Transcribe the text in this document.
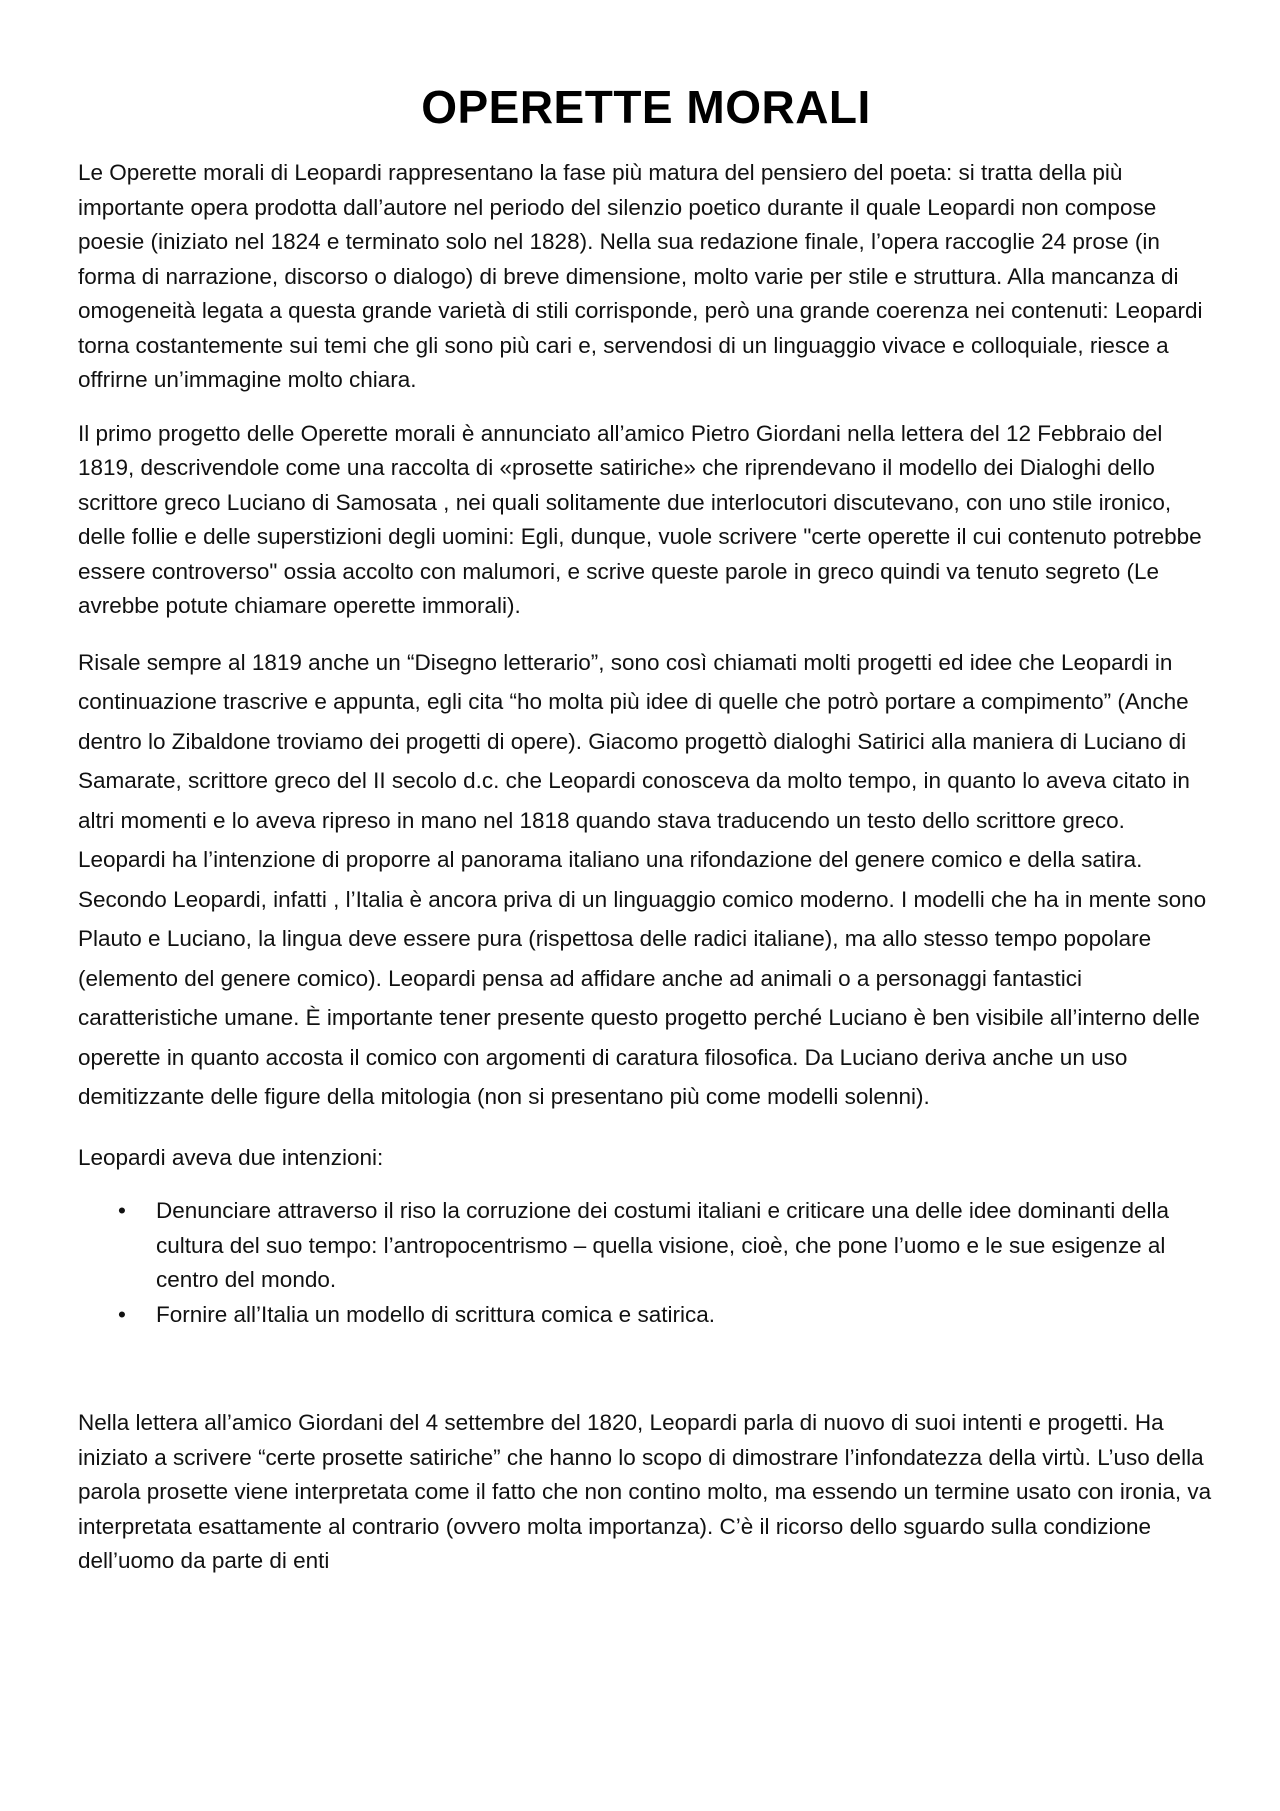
OPERETTE MORALI

Le Operette morali di Leopardi rappresentano la fase più matura del pensiero del poeta: si tratta della più importante opera prodotta dall’autore nel periodo del silenzio poetico durante il quale Leopardi non compose poesie (iniziato nel 1824 e terminato solo nel 1828). Nella sua redazione finale, l’opera raccoglie 24 prose (in forma di narrazione, discorso o dialogo) di breve dimensione, molto varie per stile e struttura. Alla mancanza di omogeneità legata a questa grande varietà di stili corrisponde, però una grande coerenza nei contenuti: Leopardi torna costantemente sui temi che gli sono più cari e, servendosi di un linguaggio vivace e colloquiale, riesce a offrirne un’immagine molto chiara.

Il primo progetto delle Operette morali è annunciato all’amico Pietro Giordani nella lettera del 12 Febbraio del 1819, descrivendole come una raccolta di «prosette satiriche» che riprendevano il modello dei Dialoghi dello scrittore greco Luciano di Samosata , nei quali solitamente due interlocutori discutevano, con uno stile ironico, delle follie e delle superstizioni degli uomini: Egli, dunque, vuole scrivere "certe operette il cui contenuto potrebbe essere controverso" ossia accolto con malumori, e scrive queste parole in greco quindi va tenuto segreto (Le avrebbe potute chiamare operette immorali).

Risale sempre al 1819 anche un “Disegno letterario”, sono così chiamati molti progetti ed idee che Leopardi in continuazione trascrive e appunta, egli cita “ho molta più idee di quelle che potrò portare a compimento” (Anche dentro lo Zibaldone troviamo dei progetti di opere). Giacomo progettò dialoghi Satirici alla maniera di Luciano di Samarate, scrittore greco del II secolo d.c. che Leopardi conosceva da molto tempo, in quanto lo aveva citato in altri momenti e lo aveva ripreso in mano nel 1818 quando stava traducendo un testo dello scrittore greco. Leopardi ha l’intenzione di proporre al panorama italiano una rifondazione del genere comico e della satira. Secondo Leopardi, infatti , l’Italia è ancora priva di un linguaggio comico moderno. I modelli che ha in mente sono Plauto e Luciano, la lingua deve essere pura (rispettosa delle radici italiane), ma allo stesso tempo popolare (elemento del genere comico). Leopardi pensa ad affidare anche ad animali o a personaggi fantastici caratteristiche umane. È importante tener presente questo progetto perché Luciano è ben visibile all’interno delle operette in quanto accosta il comico con argomenti di caratura filosofica. Da Luciano deriva anche un uso demitizzante delle figure della mitologia (non si presentano più come modelli solenni).

Leopardi aveva due intenzioni:

• Denunciare attraverso il riso la corruzione dei costumi italiani e criticare una delle idee dominanti della cultura del suo tempo: l’antropocentrismo – quella visione, cioè, che pone l’uomo e le sue esigenze al centro del mondo.
• Fornire all’Italia un modello di scrittura comica e satirica.

Nella lettera all’amico Giordani del 4 settembre del 1820, Leopardi parla di nuovo di suoi intenti e progetti. Ha iniziato a scrivere “certe prosette satiriche” che hanno lo scopo di dimostrare l’infondatezza della virtù. L’uso della parola prosette viene interpretata come il fatto che non contino molto, ma essendo un termine usato con ironia, va interpretata esattamente al contrario (ovvero molta importanza). C’è il ricorso dello sguardo sulla condizione dell’uomo da parte di enti
